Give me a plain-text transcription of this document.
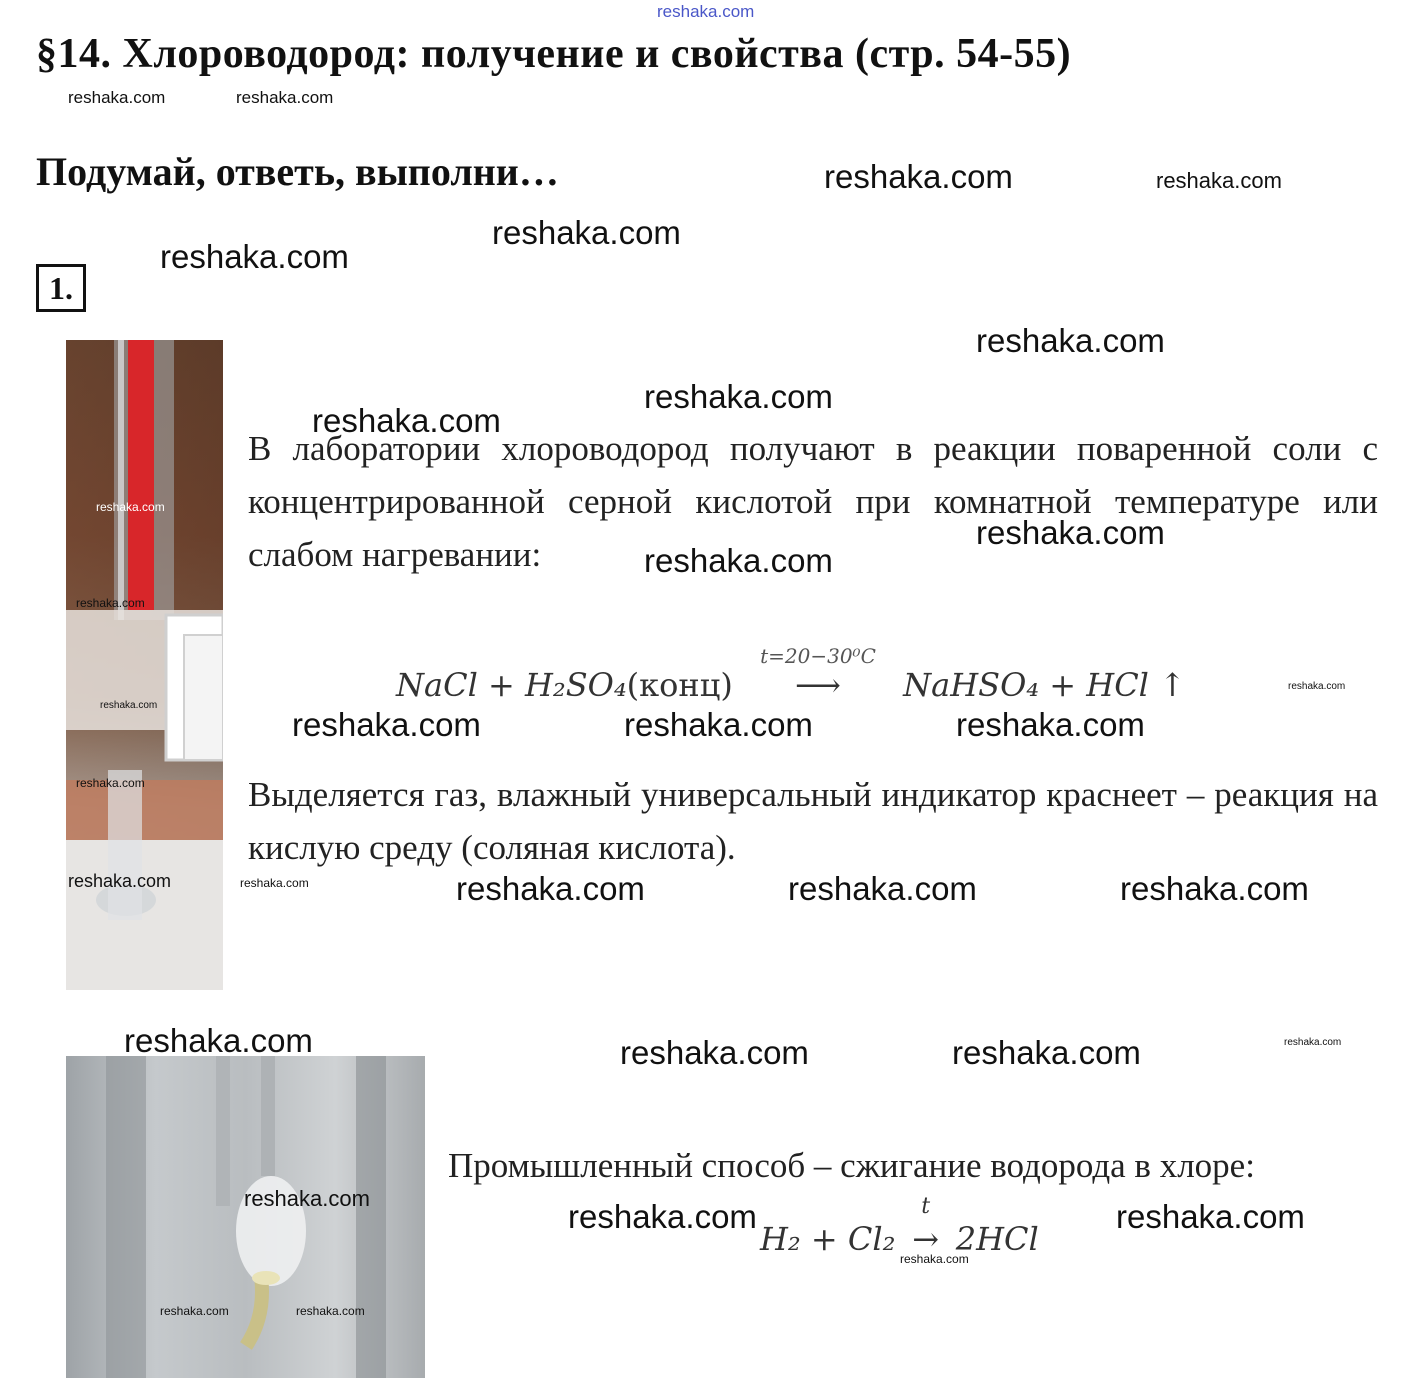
reshaka.com
§14. Хлороводород: получение и свойства (стр. 54-55)
Подумай, ответь, выполни…
1.
В лаборатории хлороводород получают в реакции поваренной соли с концентрированной серной кислотой при комнатной температуре или слабом нагревании:
NaCl + H₂SO₄(конц)
t=20−30⁰C
⟶ NaHSO₄ + HCl ↑
Выделяется газ, влажный универсальный индикатор краснеет – реакция на кислую среду (соляная кислота).
Промышленный способ – сжигание водорода в хлоре:
H₂ + Cl₂
t
→ 2HCl
reshaka.com	reshaka.com
reshaka.com	reshaka.com
reshaka.com
reshaka.com
reshaka.com
reshaka.com
reshaka.com
reshaka.com
reshaka.com
reshaka.com
reshaka.com
reshaka.com
reshaka.com
reshaka.com	reshaka.com	reshaka.com
reshaka.com
reshaka.com	reshaka.com	reshaka.com	reshaka.com	reshaka.com
reshaka.com	reshaka.com	reshaka.com	reshaka.com
reshaka.com	reshaka.com	reshaka.com
reshaka.com
reshaka.com	reshaka.com
